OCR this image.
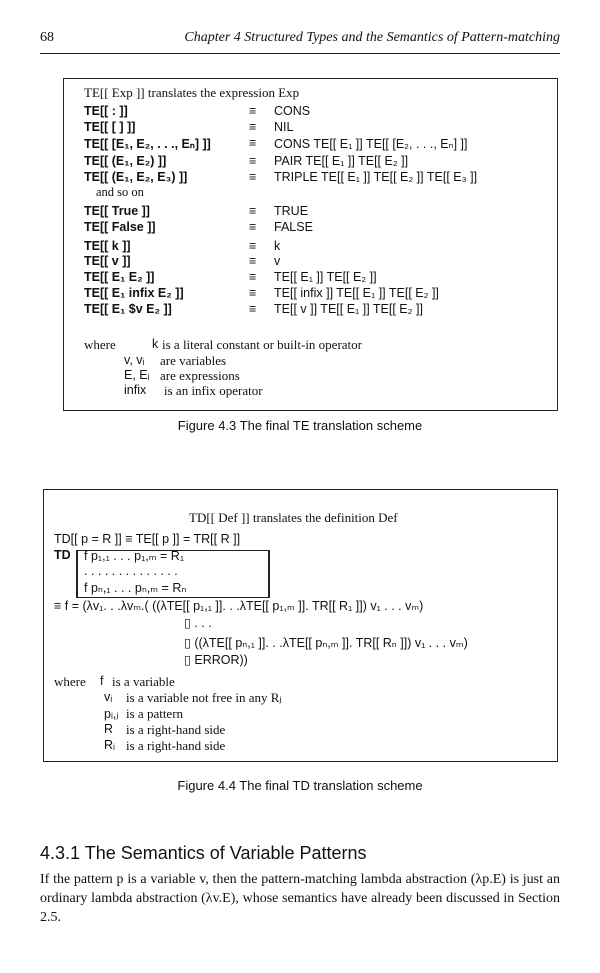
68	Chapter 4 Structured Types and the Semantics of Pattern-matching
TE[[ Exp ]] translates the expression Exp
TE[[ : ]]	≡ CONS
TE[[ [ ] ]]	≡ NIL
TE[[ [E₁, E₂, . . ., Eₙ] ]]	≡ CONS TE[[ E₁ ]] TE[[ [E₂, . . ., Eₙ] ]]
TE[[ (E₁, E₂) ]]	≡ PAIR TE[[ E₁ ]] TE[[ E₂ ]]
TE[[ (E₁, E₂, E₃) ]]	≡ TRIPLE TE[[ E₁ ]] TE[[ E₂ ]] TE[[ E₃ ]]
and so on
TE[[ True ]]	≡ TRUE
TE[[ False ]]	≡ FALSE
TE[[ k ]]	≡ k
TE[[ v ]]	≡ v
TE[[ E₁ E₂ ]]	≡ TE[[ E₁ ]] TE[[ E₂ ]]
TE[[ E₁ infix E₂ ]]	≡ TE[[ infix ]] TE[[ E₁ ]] TE[[ E₂ ]]
TE[[ E₁ $v E₂ ]]	≡ TE[[ v ]] TE[[ E₁ ]] TE[[ E₂ ]]
where	k is a literal constant or built-in operator
v, vᵢ are variables
E, Eᵢ are expressions
infix is an infix operator
Figure 4.3 The final TE translation scheme
TD[[ Def ]] translates the definition Def
TD[[ p = R ]] ≡ TE[[ p ]] = TR[[ R ]]
TD f p₁,₁ . . . p₁,ₘ = R₁
. . . . . . . . . . . . . .
f pₙ,₁ . . . pₙ,ₘ = Rₙ
≡ f = (λv₁. . .λvₘ.( ((λTE[[ p₁,₁ ]]. . .λTE[[ p₁,ₘ ]]. TR[[ R₁ ]]) v₁ . . . vₘ)
▯ . . .
▯ ((λTE[[ pₙ,₁ ]]. . .λTE[[ pₙ,ₘ ]]. TR[[ Rₙ ]]) v₁ . . . vₘ)
▯ ERROR))
where f is a variable
vᵢ is a variable not free in any Rⱼ
pᵢ,ⱼ is a pattern
R is a right-hand side
Rᵢ is a right-hand side
Figure 4.4 The final TD translation scheme
4.3.1 The Semantics of Variable Patterns
If the pattern p is a variable v, then the pattern-matching lambda abstraction (λp.E) is just an ordinary lambda abstraction (λv.E), whose semantics have already been discussed in Section 2.5.
